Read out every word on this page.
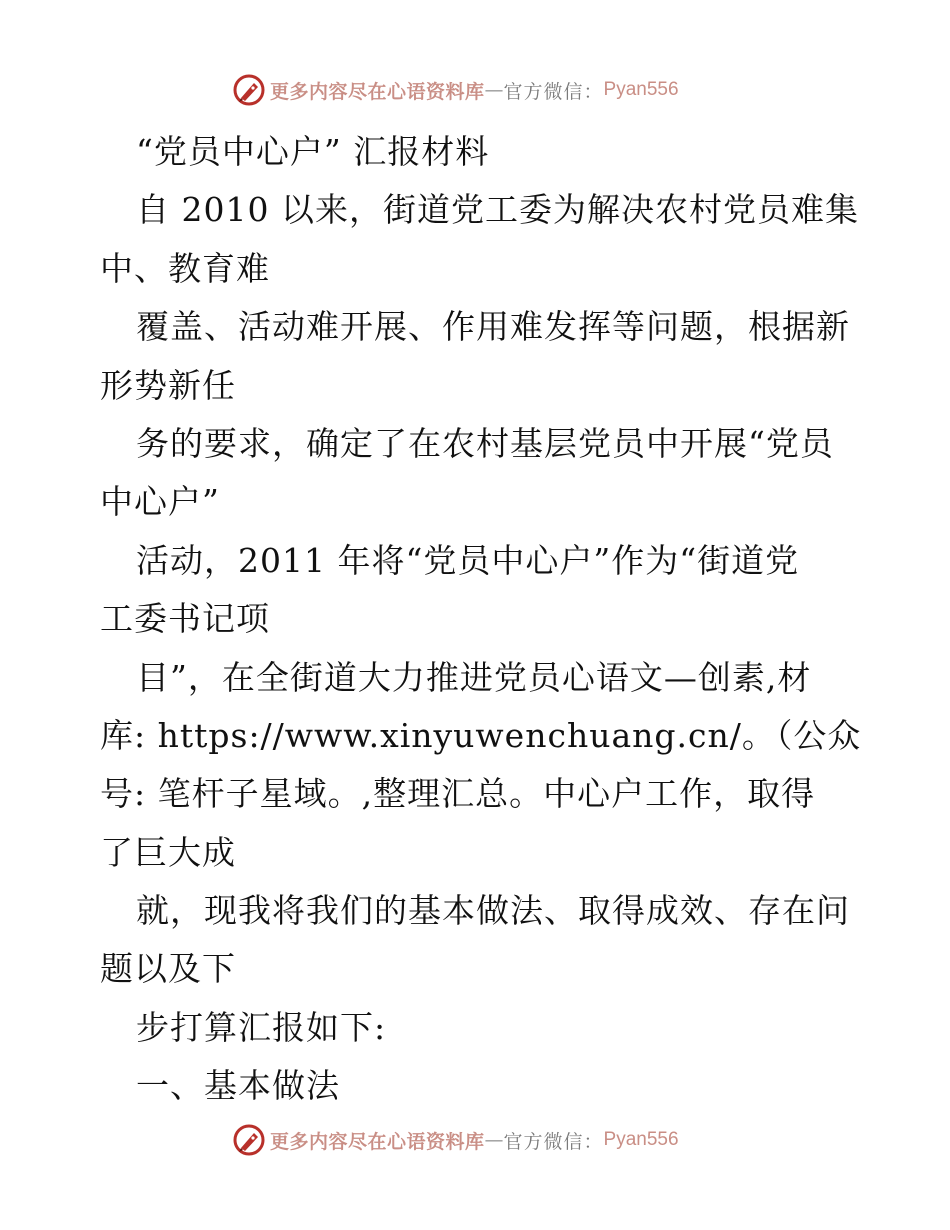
更多内容尽在心语资料库 — 官方微信： Pyan556
“党员中心户” 汇报材料
自 2010 以来，街道党工委为解决农村党员难集
中、教育难
覆盖、活动难开展、作用难发挥等问题，根据新
形势新任
务的要求，确定了在农村基层党员中开展“党员
中心户”
活动，2011 年将“党员中心户”作为“街道党
工委书记项
目”，在全街道大力推进党员心语文—创素,材
库: https://www.xinyuwenchuang.cn/。（公众
号: 笔杆子星域。,整理汇总。中心户工作，取得
了巨大成
就，现我将我们的基本做法、取得成效、存在问
题以及下
步打算汇报如下:
一、基本做法
更多内容尽在心语资料库 — 官方微信： Pyan556
